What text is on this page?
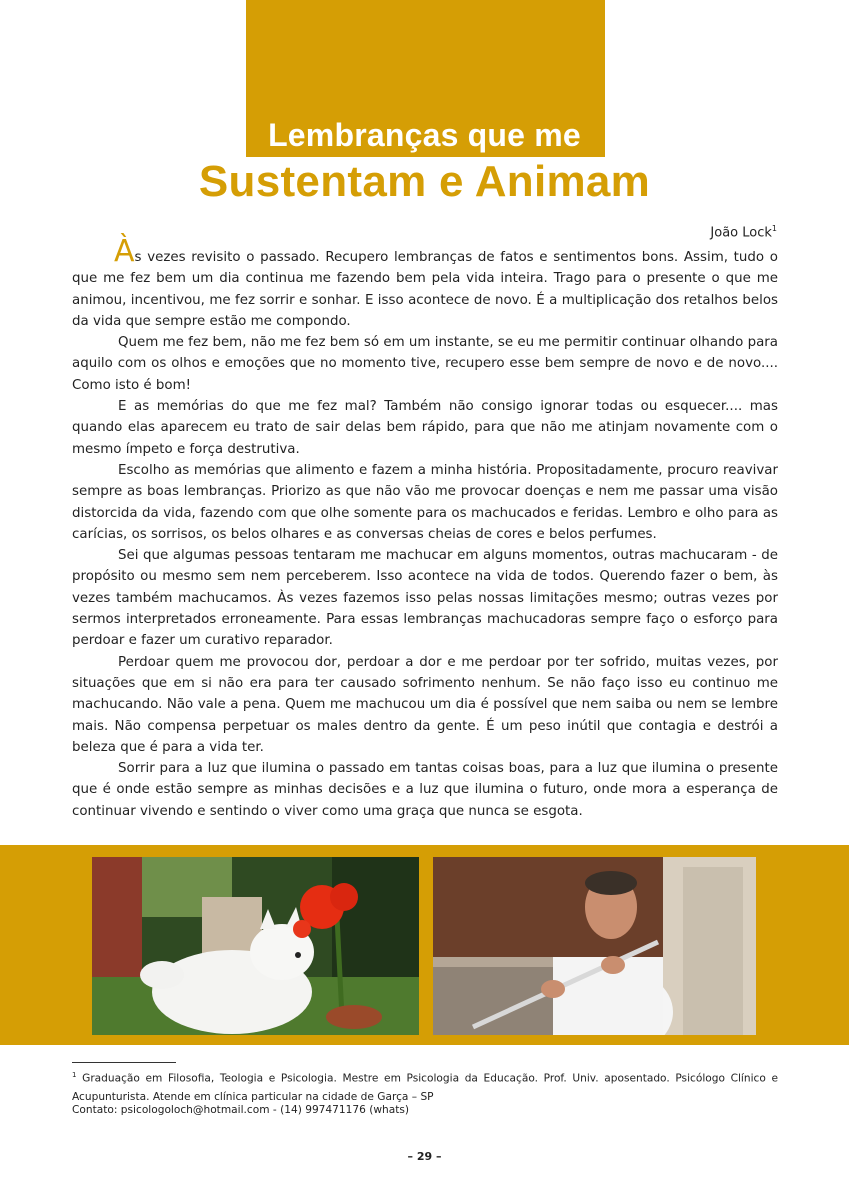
Lembranças que me
Sustentam e Animam
João Lock$^1$

Às vezes revisito o passado. Recupero lembranças de fatos e sentimentos bons. Assim, tudo o que me fez bem um dia continua me fazendo bem pela vida inteira. Trago para o presente o que me animou, incentivou, me fez sorrir e sonhar. E isso acontece de novo. É a multiplicação dos retalhos belos da vida que sempre estão me compondo.

Quem me fez bem, não me fez bem só em um instante, se eu me permitir continuar olhando para aquilo com os olhos e emoções que no momento tive, recupero esse bem sempre de novo e de novo.... Como isto é bom!

E as memórias do que me fez mal? Também não consigo ignorar todas ou esquecer.... mas quando elas aparecem eu trato de sair delas bem rápido, para que não me atinjam novamente com o mesmo ímpeto e força destrutiva.

Escolho as memórias que alimento e fazem a minha história. Propositadamente, procuro reavivar sempre as boas lembranças. Priorizo as que não vão me provocar doenças e nem me passar uma visão distorcida da vida, fazendo com que olhe somente para os machucados e feridas. Lembro e olho para as carícias, os sorrisos, os belos olhares e as conversas cheias de cores e belos perfumes.

Sei que algumas pessoas tentaram me machucar em alguns momentos, outras machucaram - de propósito ou mesmo sem nem perceberem. Isso acontece na vida de todos. Querendo fazer o bem, às vezes também machucamos. Às vezes fazemos isso pelas nossas limitações mesmo; outras vezes por sermos interpretados erroneamente. Para essas lembranças machucadoras sempre faço o esforço para perdoar e fazer um curativo reparador.

Perdoar quem me provocou dor, perdoar a dor e me perdoar por ter sofrido, muitas vezes, por situações que em si não era para ter causado sofrimento nenhum. Se não faço isso eu continuo me machucando. Não vale a pena. Quem me machucou um dia é possível que nem saiba ou nem se lembre mais. Não compensa perpetuar os males dentro da gente. É um peso inútil que contagia e destrói a beleza que é para a vida ter.

Sorrir para a luz que ilumina o passado em tantas coisas boas, para a luz que ilumina o presente que é onde estão sempre as minhas decisões e a luz que ilumina o futuro, onde mora a esperança de continuar vivendo e sentindo o viver como uma graça que nunca se esgota.

$^1$ Graduação em Filosofia, Teologia e Psicologia. Mestre em Psicologia da Educação. Prof. Univ. aposentado. Psicólogo Clínico e Acupunturista. Atende em clínica particular na cidade de Garça – SP
Contato: psicologoloch@hotmail.com - (14) 997471176 (whats)
– 29 –
